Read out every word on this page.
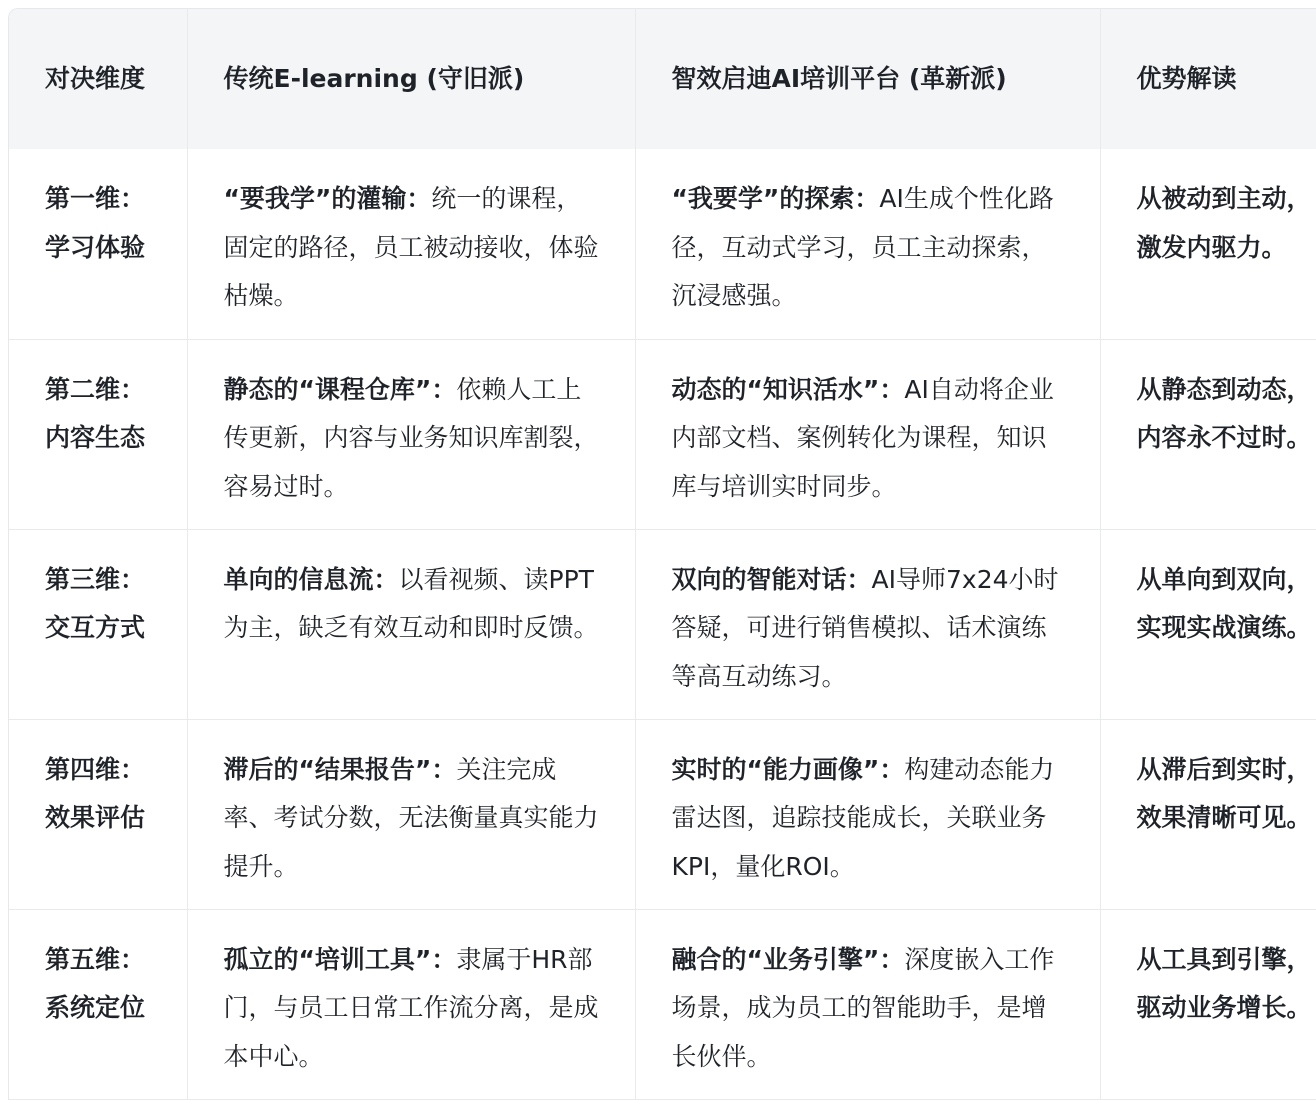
对决维度	传统E-learning (守旧派)	智效启迪AI培训平台 (革新派)	优势解读
第一维：学习体验	“要我学”的灌输：统一的课程，固定的路径，员工被动接收，体验枯燥。	“我要学”的探索：AI生成个性化路径，互动式学习，员工主动探索，沉浸感强。	从被动到主动，激发内驱力。
第二维：内容生态	静态的“课程仓库”：依赖人工上传更新，内容与业务知识库割裂，容易过时。	动态的“知识活水”：AI自动将企业内部文档、案例转化为课程，知识库与培训实时同步。	从静态到动态，内容永不过时。
第三维：交互方式	单向的信息流：以看视频、读PPT为主，缺乏有效互动和即时反馈。	双向的智能对话：AI导师7x24小时答疑，可进行销售模拟、话术演练等高互动练习。	从单向到双向，实现实战演练。
第四维：效果评估	滞后的“结果报告”：关注完成率、考试分数，无法衡量真实能力提升。	实时的“能力画像”：构建动态能力雷达图，追踪技能成长，关联业务KPI，量化ROI。	从滞后到实时，效果清晰可见。
第五维：系统定位	孤立的“培训工具”：隶属于HR部门，与员工日常工作流分离，是成本中心。	融合的“业务引擎”：深度嵌入工作场景，成为员工的智能助手，是增长伙伴。	从工具到引擎，驱动业务增长。
